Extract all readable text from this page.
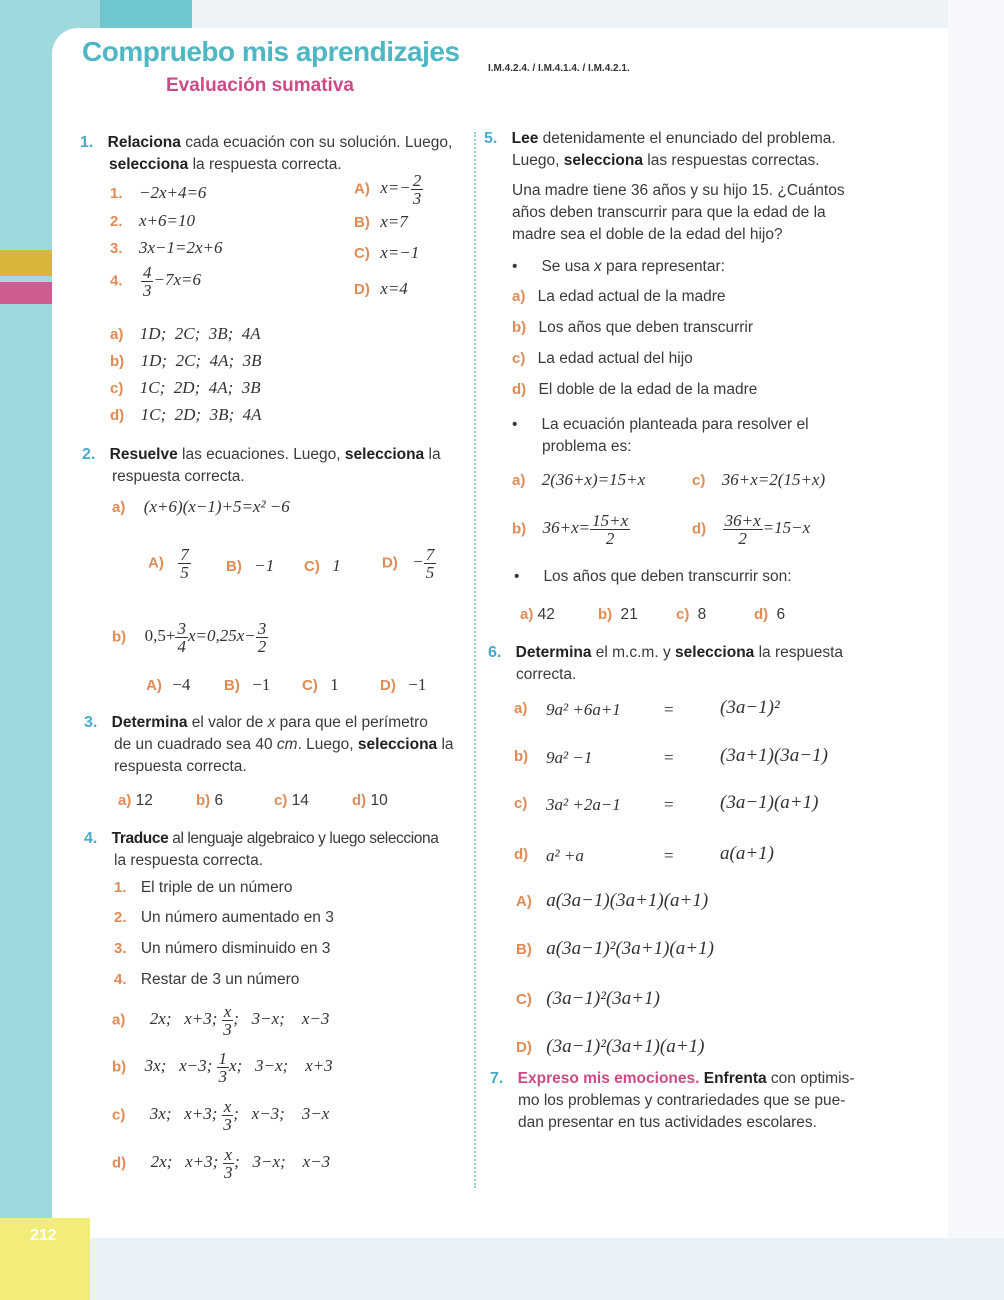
212
Compruebo mis aprendizajes
Evaluación sumativa
I.M.4.2.4. / I.M.4.1.4. / I.M.4.2.1.
1. Relaciona cada ecuación con su solución. Luego,
selecciona la respuesta correcta.
1. −2x+4=6
2. x+6=10
3. 3x−1=2x+6
4. $\frac{4}{3} -7x=6$
A) $x=- \frac{2}{3}$
B) x=7
C) x=−1
D) x=4
a) 1D;  2C;  3B;  4A
b) 1D;  2C;  4A;  3B
c) 1C;  2D;  4A;  3B
d) 1C;  2D;  3B;  4A
2. Resuelve las ecuaciones. Luego, selecciona la
respuesta correcta.
a) (x+6)(x−1)+5=x² −6
$A) \frac{7}{5} B) -1$ C) 1	$D) - \frac{7}{5}$
b) $0,5+ \frac{3}{4} x=0,25x- \frac{3}{2}$
A) −4 B) −1 C) 1	D) −1
3. Determina el valor de x para que el perímetro
de un cuadrado sea 40 cm. Luego, selecciona la
respuesta correcta.
a) 12	b) 6	c) 14	d) 10
4. Traduce al lenguaje algebraico y luego selecciona
la respuesta correcta.
1. El triple de un número
2. Un número aumentado en 3
3. Un número disminuido en 3
4. Restar de 3 un número
a) 2x;   x+3; $\frac{x}{3}$ ;   3−x;    x−3
b) 3x;   x−3; $\frac{1}{3} x$;   3−x;    x+3
c) 3x;   x+3; $\frac{x}{3}$ ;   x−3;    3−x
d) 2x;   x+3; $\frac{x}{3}$ ;   3−x;    x−3
5. Lee detenidamente el enunciado del problema.
Luego, selecciona las respuestas correctas.
Una madre tiene 36 años y su hijo 15. ¿Cuántos
años deben transcurrir para que la edad de la
madre sea el doble de la edad del hijo?
• Se usa x para representar:
a) La edad actual de la madre
b) Los años que deben transcurrir
c) La edad actual del hijo
d) El doble de la edad de la madre
• La ecuación planteada para resolver el
problema es:
a) 2(36+x)=15+x	c) 36+x=2(15+x)
b) $36+x= \frac{15+x}{2}$	$d) \frac{36+x}{2} =15-x$
• Los años que deben transcurrir son:
a) 42	b) 21	c) 8	d) 6
6. Determina el m.c.m. y selecciona la respuesta
correcta.
a) 9a² +6a+1	= (3a−1)²
b) 9a² −1	= (3a+1)(3a−1)
c) 3a² +2a−1	= (3a−1)(a+1)
d) a² +a	= a(a+1)
A) a(3a−1)(3a+1)(a+1)
B) a(3a−1)²(3a+1)(a+1)
C) (3a−1)²(3a+1)
D) (3a−1)²(3a+1)(a+1)
7. Expreso mis emociones. Enfrenta con optimis-
mo los problemas y contrariedades que se pue-
dan presentar en tus actividades escolares.
